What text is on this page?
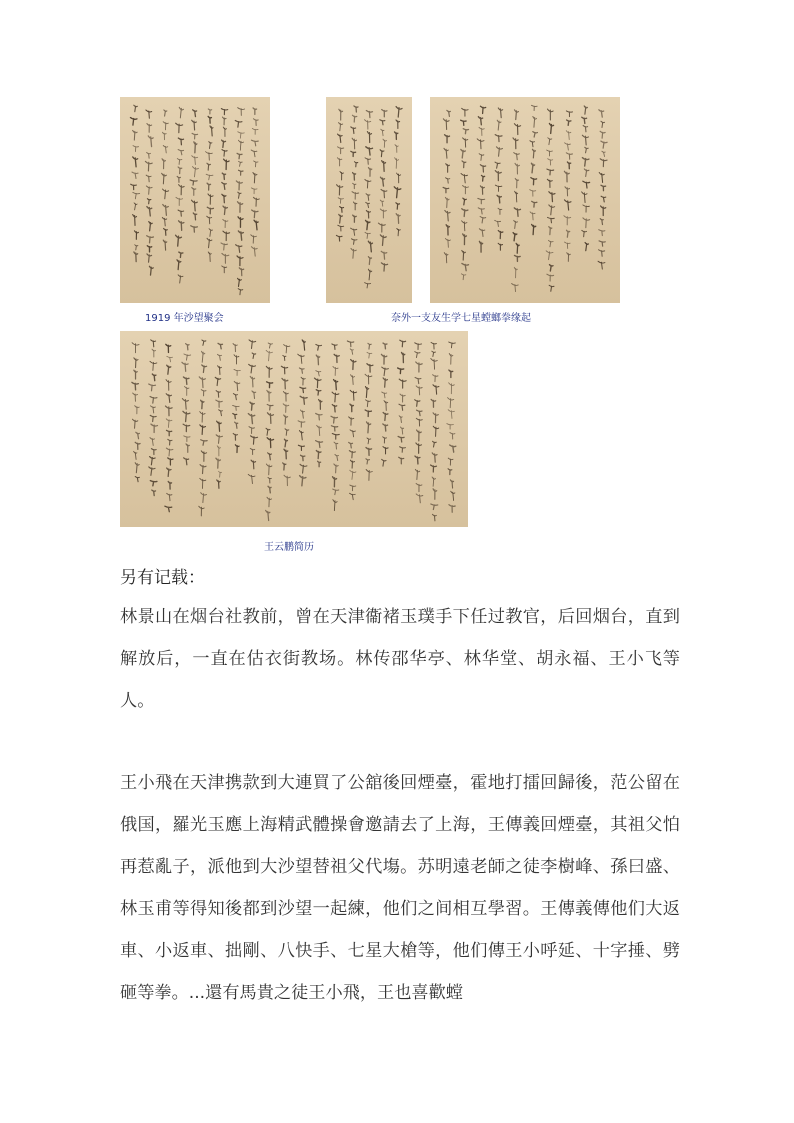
1919 年沙望聚会	奈外一支友生学七星螳螂拳缘起
王云鹏简历
另有记载：
林景山在烟台社教前，曾在天津衞褚玉璞手下任过教官，后回烟台，直到解放后，一直在估衣街教场。林传邵华亭、林华堂、胡永福、王小飞等人。
王小飛在天津携款到大連買了公舘後回煙臺，霍地打擂回歸後，范公留在俄国，羅光玉應上海精武體操會邀請去了上海，王傳義回煙臺，其祖父怕再惹亂子，派他到大沙望替祖父代塲。苏明遠老師之徒李樹峰、孫曰盛、林玉甫等得知後都到沙望一起練，他们之间相互學習。王傳義傳他们大返車、小返車、拙剛、八快手、七星大槍等，他们傳王小呼延、十字捶、劈砸等拳。...還有馬貴之徒王小飛，王也喜歡螳
